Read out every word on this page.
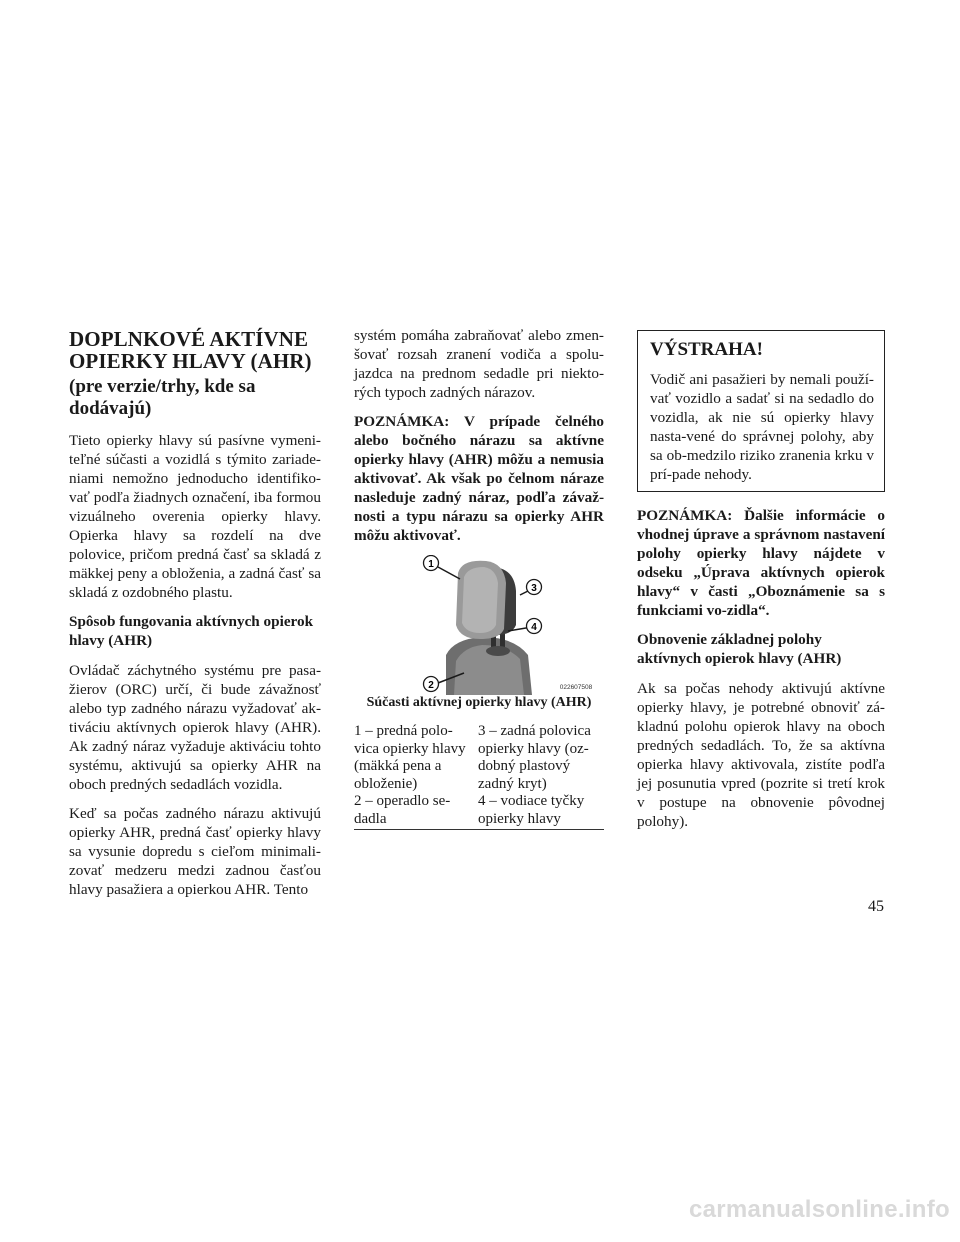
DOPLNKOVÉ AKTÍVNE
OPIERKY HLAVY (AHR)
(pre verzie/trhy, kde sa
dodávajú)

Tieto opierky hlavy sú pasívne vymeni-teľné súčasti a vozidlá s týmito zariade-niami nemožno jednoducho identifiko-vať podľa žiadnych označení, iba formou vizuálneho overenia opierky hlavy. Opierka hlavy sa rozdelí na dve polovice, pričom predná časť sa skladá z mäkkej peny a obloženia, a zadná časť sa skladá z ozdobného plastu.

Spôsob fungovania aktívnych opierok hlavy (AHR)

Ovládač záchytného systému pre pasa-žierov (ORC) určí, či bude závažnosť alebo typ zadného nárazu vyžadovať ak-tiváciu aktívnych opierok hlavy (AHR). Ak zadný náraz vyžaduje aktiváciu tohto systému, aktivujú sa opierky AHR na oboch predných sedadlách vozidla.

Keď sa počas zadného nárazu aktivujú opierky AHR, predná časť opierky hlavy sa vysunie dopredu s cieľom minimali-zovať medzeru medzi zadnou časťou hlavy pasažiera a opierkou AHR. Tento

systém pomáha zabraňovať alebo zmen-šovať rozsah zranení vodiča a spolu-jazdca na prednom sedadle pri niekto-rých typoch zadných nárazov.

POZNÁMKA: V prípade čelného alebo bočného nárazu sa aktívne opierky hlavy (AHR) môžu a nemusia aktivovať. Ak však po čelnom náraze nasleduje zadný náraz, podľa závaž-nosti a typu nárazu sa opierky AHR môžu aktivovať.

1
2
3
4
022607508
Súčasti aktívnej opierky hlavy (AHR)
1 – predná polo-vica opierky hlavy (mäkká pena a obloženie)	3 – zadná polovica opierky hlavy (oz-dobný plastový zadný kryt)
2 – operadlo se-dadla	4 – vodiace tyčky opierky hlavy
VÝSTRAHA!

Vodič ani pasažieri by nemali použí-vať vozidlo a sadať si na sedadlo do vozidla, ak nie sú opierky hlavy nasta-vené do správnej polohy, aby sa ob-medzilo riziko zranenia krku v prí-pade nehody.

POZNÁMKA: Ďalšie informácie o vhodnej úprave a správnom nastavení polohy opierky hlavy nájdete v odseku „Úprava aktívnych opierok hlavy“ v časti „Oboznámenie sa s funkciami vo-zidla“.

Obnovenie základnej polohy
aktívnych opierok hlavy (AHR)

Ak sa počas nehody aktivujú aktívne opierky hlavy, je potrebné obnoviť zá-kladnú polohu opierok hlavy na oboch predných sedadlách. To, že sa aktívna opierka hlavy aktivovala, zistíte podľa jej posunutia vpred (pozrite si tretí krok v postupe na obnovenie pôvodnej polohy).

45
carmanualsonline.info
